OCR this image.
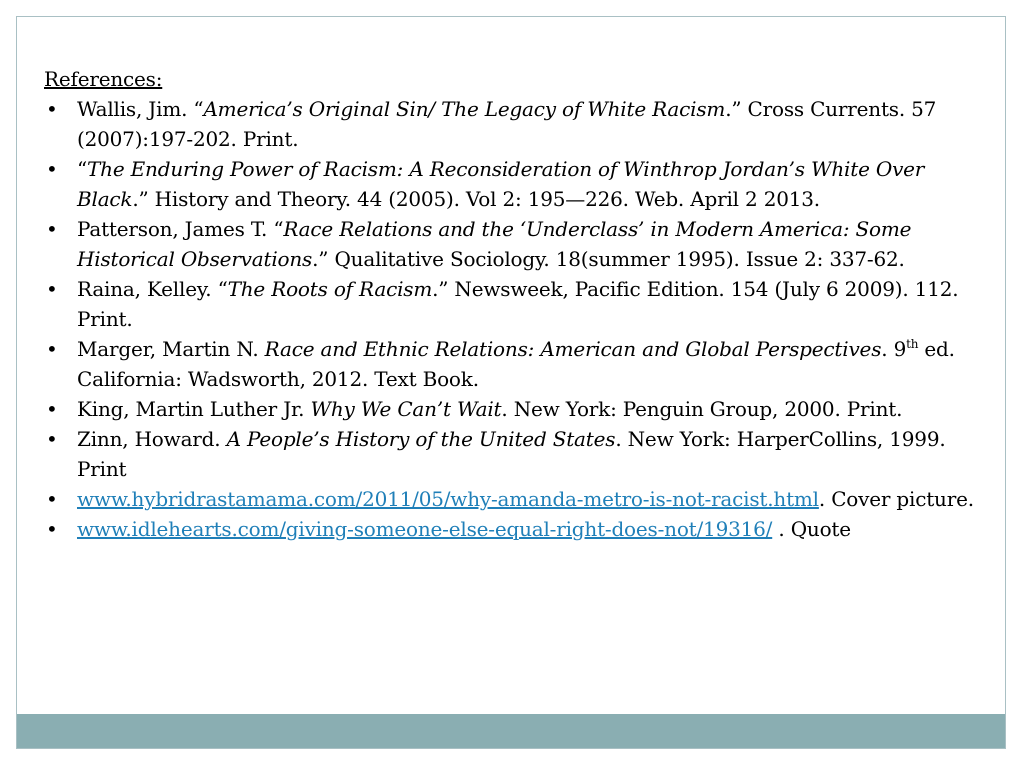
References:

• Wallis, Jim. “America’s Original Sin/ The Legacy of White Racism.” Cross Currents. 57 (2007):197-202. Print.
• “The Enduring Power of Racism: A Reconsideration of Winthrop Jordan’s White Over Black.” History and Theory. 44 (2005). Vol 2: 195—226. Web. April 2 2013.
• Patterson, James T. “Race Relations and the ‘Underclass’ in Modern America: Some Historical Observations.” Qualitative Sociology. 18(summer 1995). Issue 2: 337-62.
• Raina, Kelley. “The Roots of Racism.” Newsweek, Pacific Edition. 154 (July 6 2009). 112. Print.
• Marger, Martin N. Race and Ethnic Relations: American and Global Perspectives. 9th ed. California: Wadsworth, 2012. Text Book.
• King, Martin Luther Jr. Why We Can’t Wait. New York: Penguin Group, 2000. Print.
• Zinn, Howard. A People’s History of the United States. New York: HarperCollins, 1999. Print
• www.hybridrastamama.com/2011/05/why-amanda-metro-is-not-racist.html. Cover picture.
• www.idlehearts.com/giving-someone-else-equal-right-does-not/19316/ . Quote
